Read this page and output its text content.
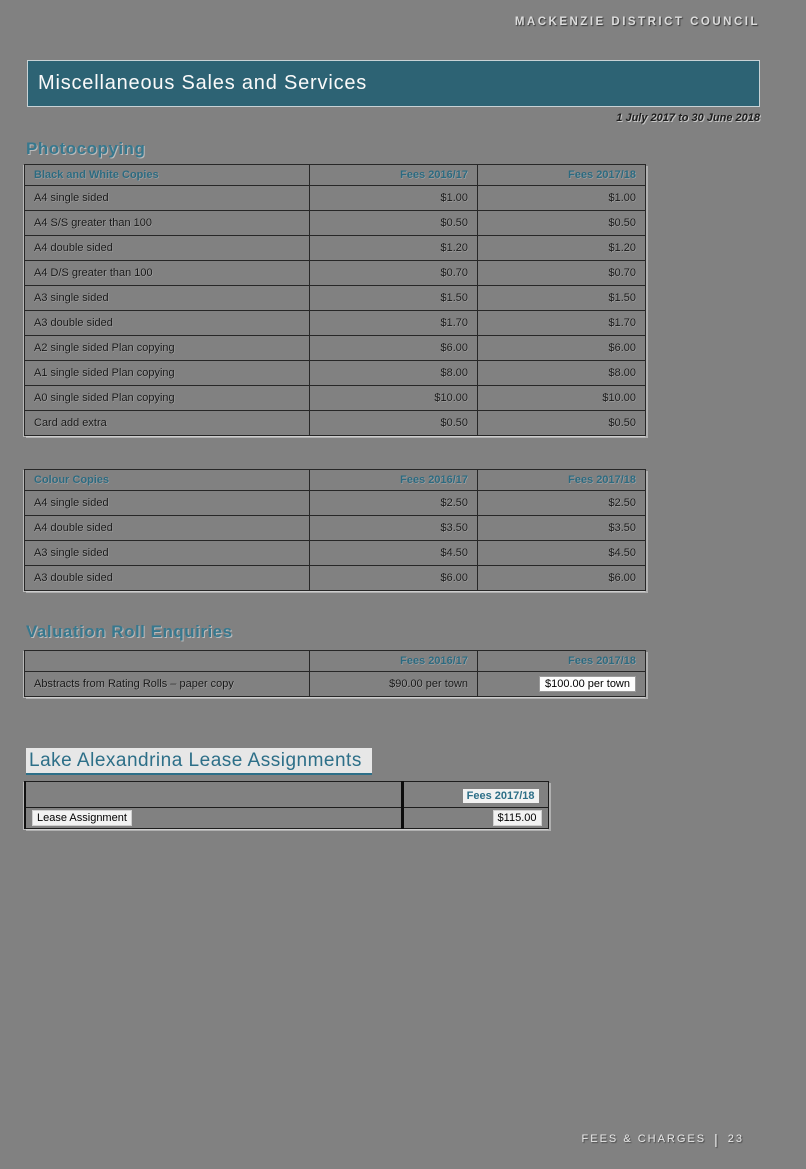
MACKENZIE DISTRICT COUNCIL
Miscellaneous Sales and Services
1 July 2017 to 30 June 2018
Photocopying
Black and White Copies	Fees 2016/17	Fees 2017/18
A4 single sided	$1.00	$1.00
A4 S/S greater than 100	$0.50	$0.50
A4 double sided	$1.20	$1.20
A4 D/S greater than 100	$0.70	$0.70
A3 single sided	$1.50	$1.50
A3 double sided	$1.70	$1.70
A2 single sided Plan copying	$6.00	$6.00
A1 single sided Plan copying	$8.00	$8.00
A0 single sided Plan copying	$10.00	$10.00
Card add extra	$0.50	$0.50
Colour Copies	Fees 2016/17	Fees 2017/18
A4 single sided	$2.50	$2.50
A4 double sided	$3.50	$3.50
A3 single sided	$4.50	$4.50
A3 double sided	$6.00	$6.00
Valuation Roll Enquiries
	Fees 2016/17	Fees 2017/18
Abstracts from Rating Rolls – paper copy	$90.00 per town	$100.00 per town
Lake Alexandrina Lease Assignments
	Fees 2017/18
Lease Assignment	$115.00
FEES & CHARGES | 23
